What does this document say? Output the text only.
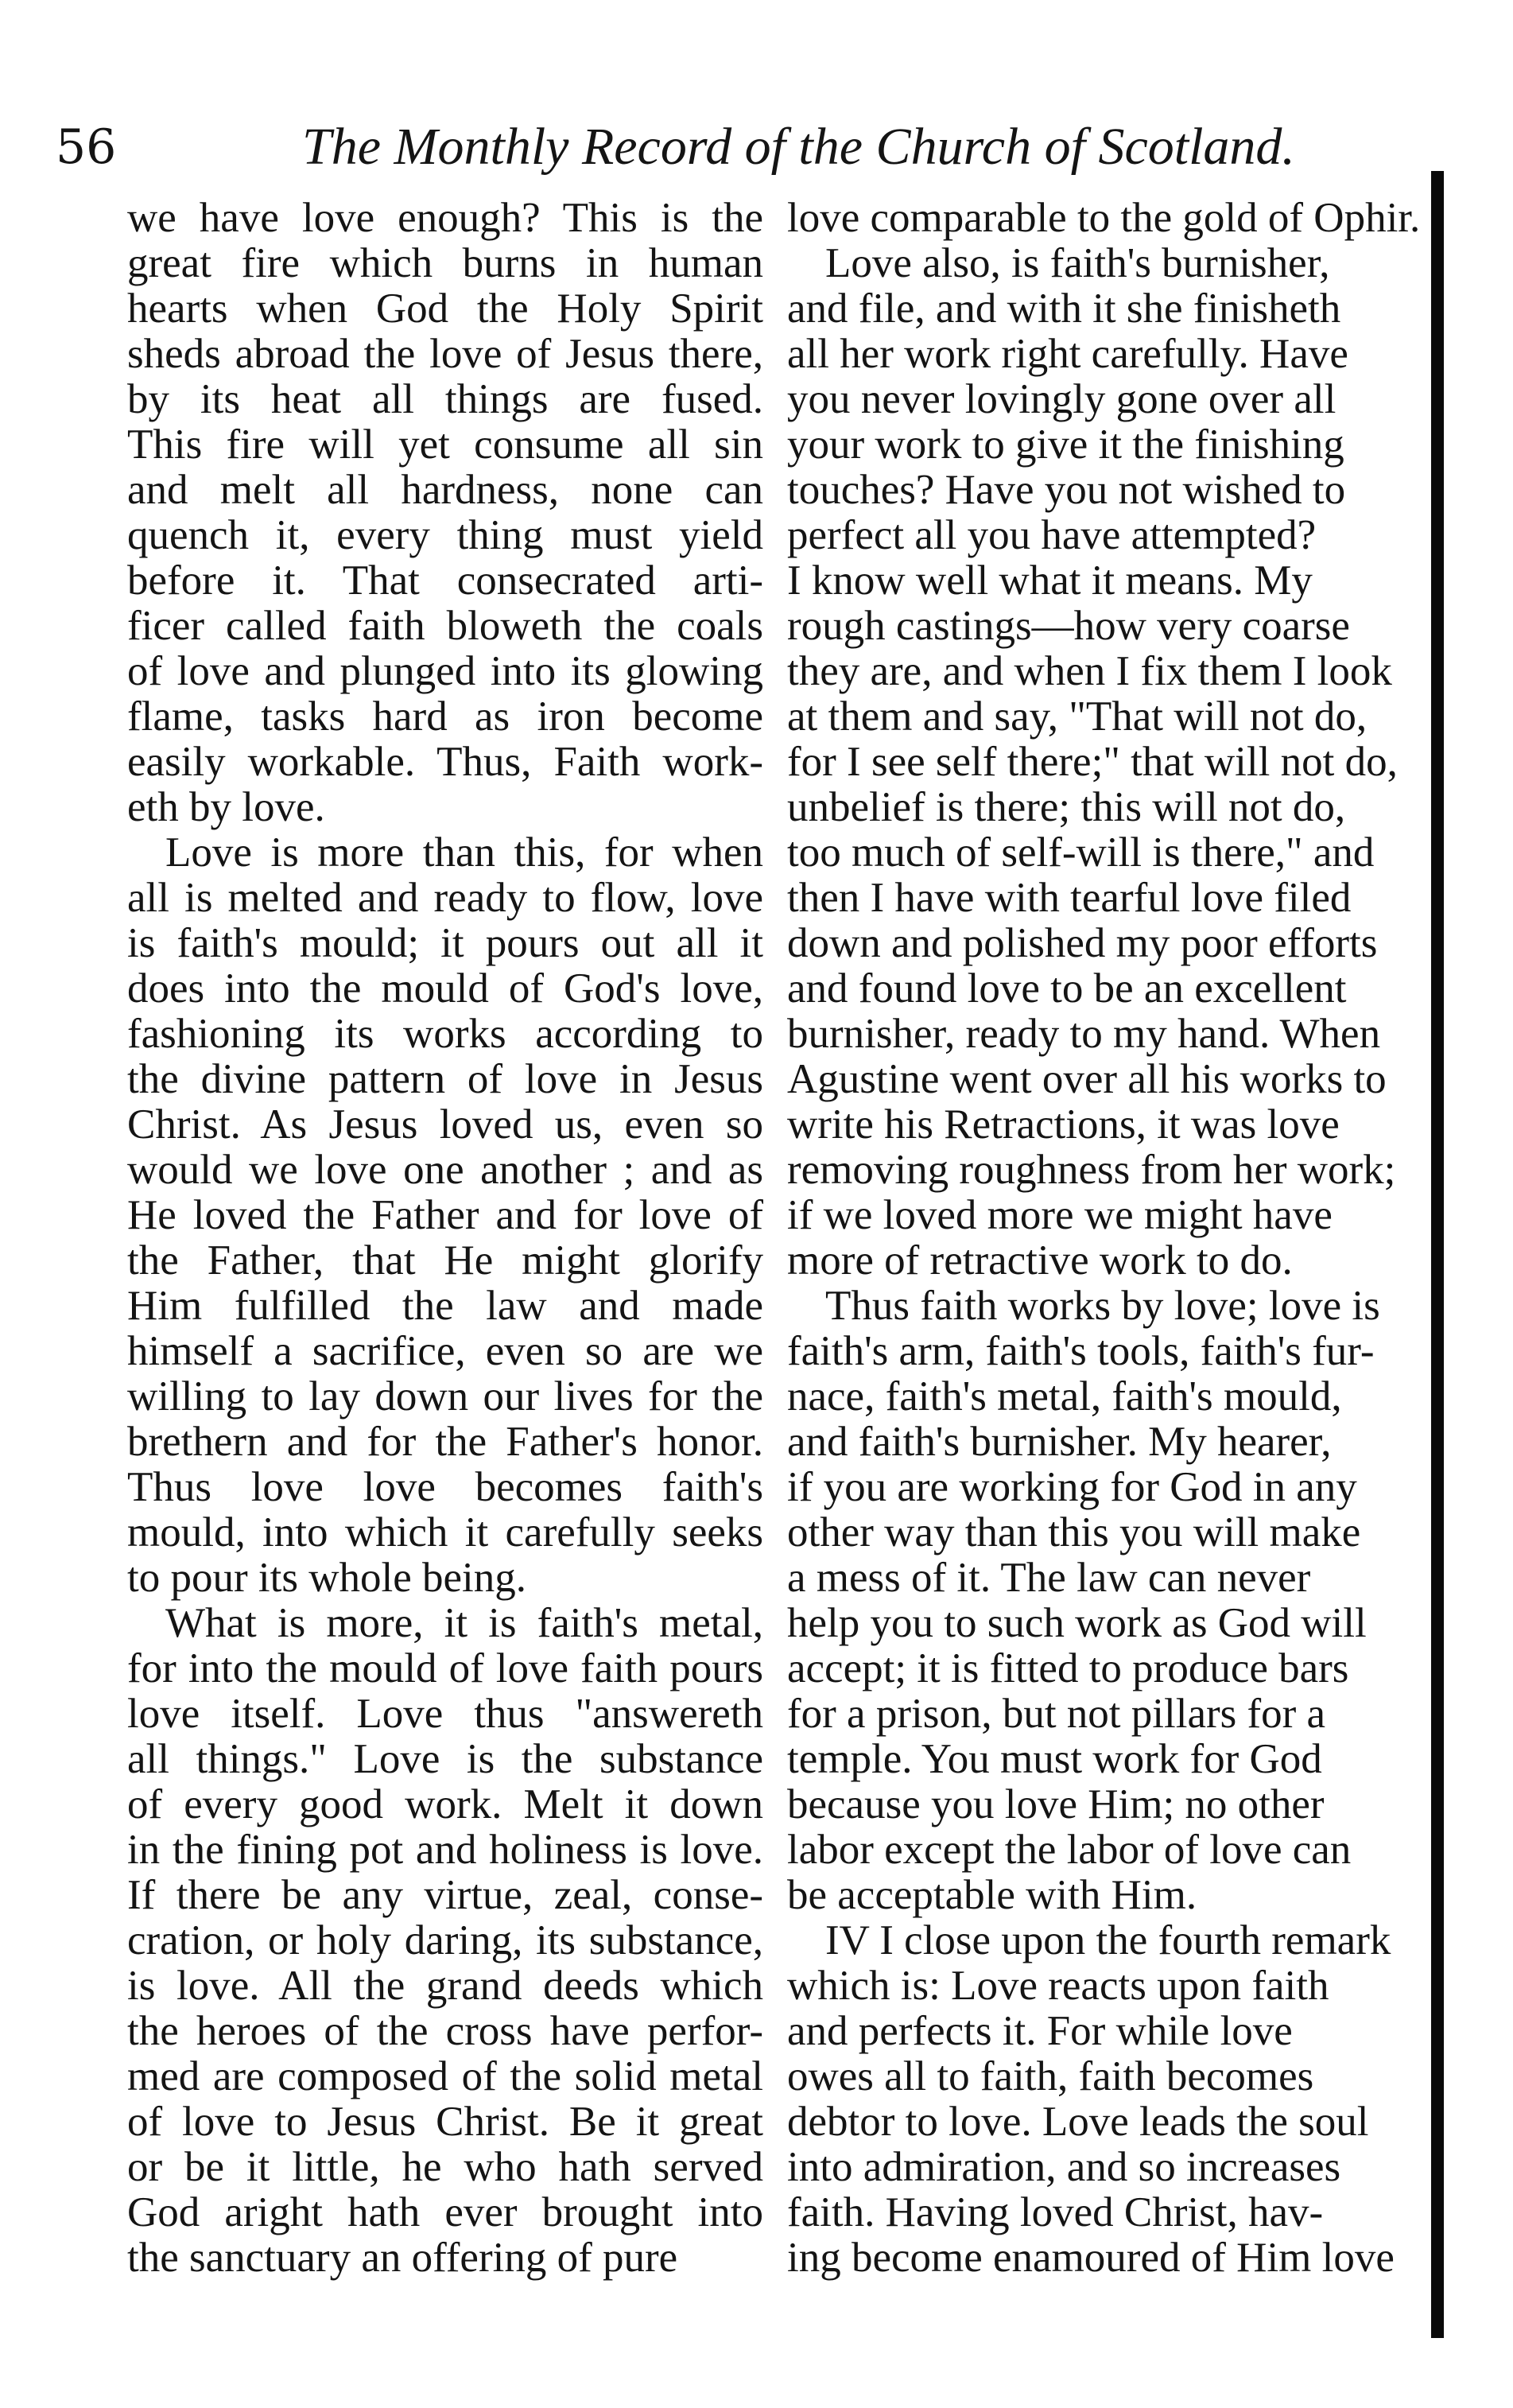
56	The Monthly Record of the Church of Scotland.
we have love enough? This is the
great fire which burns in human
hearts when God the Holy Spirit
sheds abroad the love of Jesus there,
by its heat all things are fused.
This fire will yet consume all sin
and melt all hardness, none can
quench it, every thing must yield
before it. That consecrated arti-
ficer called faith bloweth the coals
of love and plunged into its glowing
flame, tasks hard as iron become
easily workable. Thus, Faith work-
eth by love.
Love is more than this, for when
all is melted and ready to flow, love
is faith's mould; it pours out all it
does into the mould of God's love,
fashioning its works according to
the divine pattern of love in Jesus
Christ. As Jesus loved us, even so
would we love one another ; and as
He loved the Father and for love of
the Father, that He might glorify
Him fulfilled the law and made
himself a sacrifice, even so are we
willing to lay down our lives for the
brethern and for the Father's honor.
Thus love love becomes faith's
mould, into which it carefully seeks
to pour its whole being.
What is more, it is faith's metal,
for into the mould of love faith pours
love itself. Love thus "answereth
all things." Love is the substance
of every good work. Melt it down
in the fining pot and holiness is love.
If there be any virtue, zeal, conse-
cration, or holy daring, its substance,
is love. All the grand deeds which
the heroes of the cross have perfor-
med are composed of the solid metal
of love to Jesus Christ. Be it great
or be it little, he who hath served
God aright hath ever brought into
the sanctuary an offering of pure
love comparable to the gold of Ophir.
Love also, is faith's burnisher,
and file, and with it she finisheth
all her work right carefully. Have
you never lovingly gone over all
your work to give it the finishing
touches? Have you not wished to
perfect all you have attempted?
I know well what it means. My
rough castings—how very coarse
they are, and when I fix them I look
at them and say, "That will not do,
for I see self there;" that will not do,
unbelief is there; this will not do,
too much of self-will is there," and
then I have with tearful love filed
down and polished my poor efforts
and found love to be an excellent
burnisher, ready to my hand. When
Agustine went over all his works to
write his Retractions, it was love
removing roughness from her work;
if we loved more we might have
more of retractive work to do.
Thus faith works by love; love is
faith's arm, faith's tools, faith's fur-
nace, faith's metal, faith's mould,
and faith's burnisher. My hearer,
if you are working for God in any
other way than this you will make
a mess of it. The law can never
help you to such work as God will
accept; it is fitted to produce bars
for a prison, but not pillars for a
temple. You must work for God
because you love Him; no other
labor except the labor of love can
be acceptable with Him.
IV I close upon the fourth remark
which is: Love reacts upon faith
and perfects it. For while love
owes all to faith, faith becomes
debtor to love. Love leads the soul
into admiration, and so increases
faith. Having loved Christ, hav-
ing become enamoured of Him love
